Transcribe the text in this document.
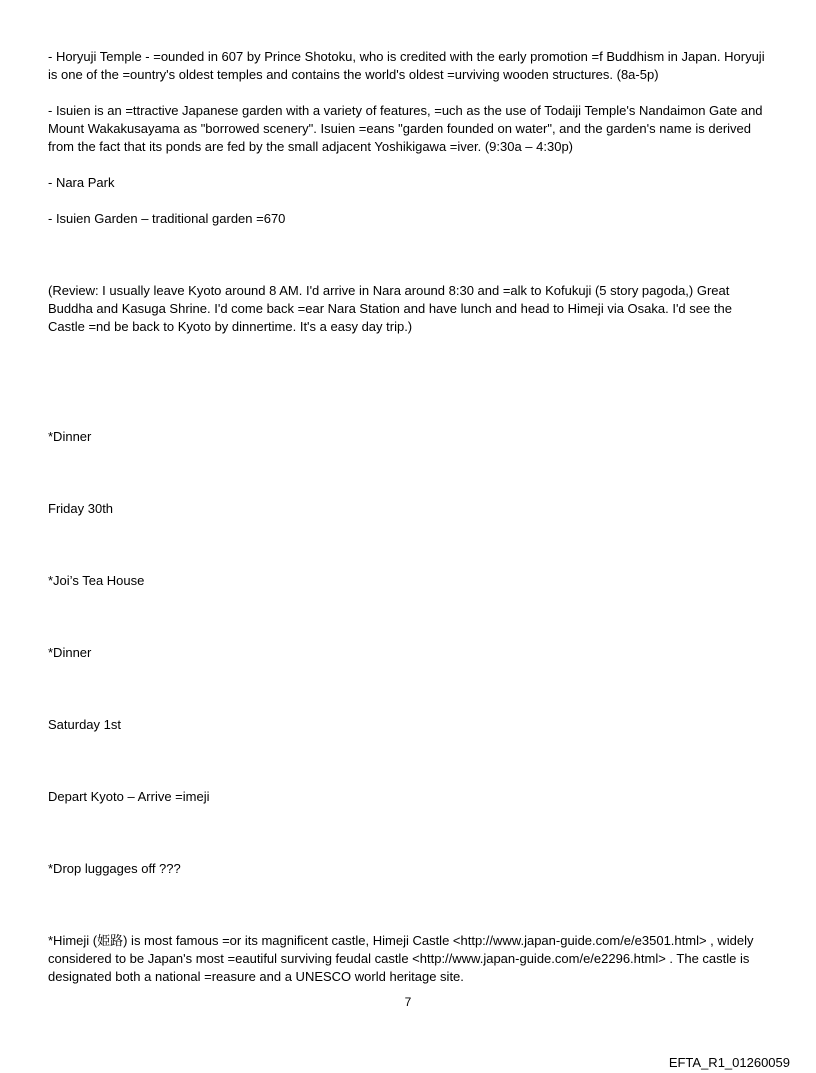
- Horyuji Temple - =ounded in 607 by Prince Shotoku, who is credited with the early promotion =f Buddhism in Japan. Horyuji is one of the =ountry's oldest temples and contains the world's oldest =urviving wooden structures. (8a-5p)

- Isuien is an =ttractive Japanese garden with a variety of features, =uch as the use of Todaiji Temple's Nandaimon Gate and Mount Wakakusayama as "borrowed scenery". Isuien =eans "garden founded on water", and the garden's name is derived from the fact that its ponds are fed by the small adjacent Yoshikigawa =iver. (9:30a – 4:30p)

- Nara Park

- Isuien Garden – traditional garden =670

(Review: I usually leave Kyoto around 8 AM. I'd arrive in Nara around 8:30 and =alk to Kofukuji (5 story pagoda,) Great Buddha and Kasuga Shrine. I'd come back =ear Nara Station and have lunch and head to Himeji via Osaka. I'd see the Castle =nd be back to Kyoto by dinnertime. It's a easy day trip.)

*Dinner

Friday 30th

*Joi’s Tea House

*Dinner

Saturday 1st

Depart Kyoto – Arrive =imeji

*Drop luggages off ???

*Himeji (姫路) is most famous =or its magnificent castle, Himeji Castle <http://www.japan-guide.com/e/e3501.html> , widely considered to be Japan's most =eautiful surviving feudal castle <http://www.japan-guide.com/e/e2296.html> . The castle is designated both a national =reasure and a UNESCO world heritage site.

7
EFTA_R1_01260059
